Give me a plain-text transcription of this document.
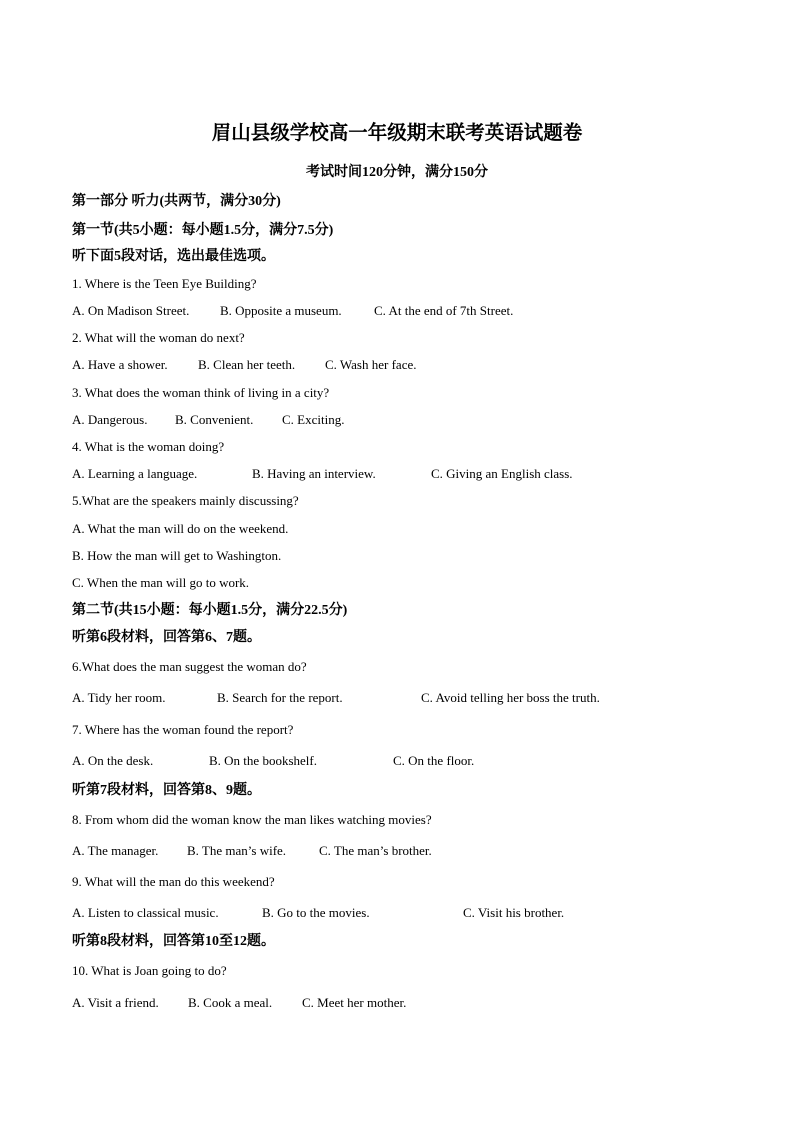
眉山县级学校高一年级期末联考英语试题卷
考试时间120分钟，满分150分
第一部分 听力(共两节，满分30分)
第一节(共5小题：每小题1.5分，满分7.5分)
听下面5段对话，选出最佳选项。
1. Where is the Teen Eye Building?
A. On Madison Street. B. Opposite a museum. C. At the end of 7th Street.
2. What will the woman do next?
A. Have a shower. B. Clean her teeth. C. Wash her face.
3. What does the woman think of living in a city?
A. Dangerous. B. Convenient. C. Exciting.
4. What is the woman doing?
A. Learning a language.	B. Having an interview.	C. Giving an English class.
5.What are the speakers mainly discussing?
A. What the man will do on the weekend.
B. How the man will get to Washington.
C. When the man will go to work.
第二节(共15小题：每小题1.5分，满分22.5分)
听第6段材料，回答第6、7题。
6.What does the man suggest the woman do?
A. Tidy her room.	B. Search for the report.	C. Avoid telling her boss the truth.
7. Where has the woman found the report?
A. On the desk.	B. On the bookshelf.	C. On the floor.
听第7段材料，回答第8、9题。
8. From whom did the woman know the man likes watching movies?
A. The manager. B. The man’s wife.	C. The man’s brother.
9. What will the man do this weekend?
A. Listen to classical music.	B. Go to the movies.	C. Visit his brother.
听第8段材料，回答第10至12题。
10. What is Joan going to do?
A. Visit a friend. B. Cook a meal. C. Meet her mother.
